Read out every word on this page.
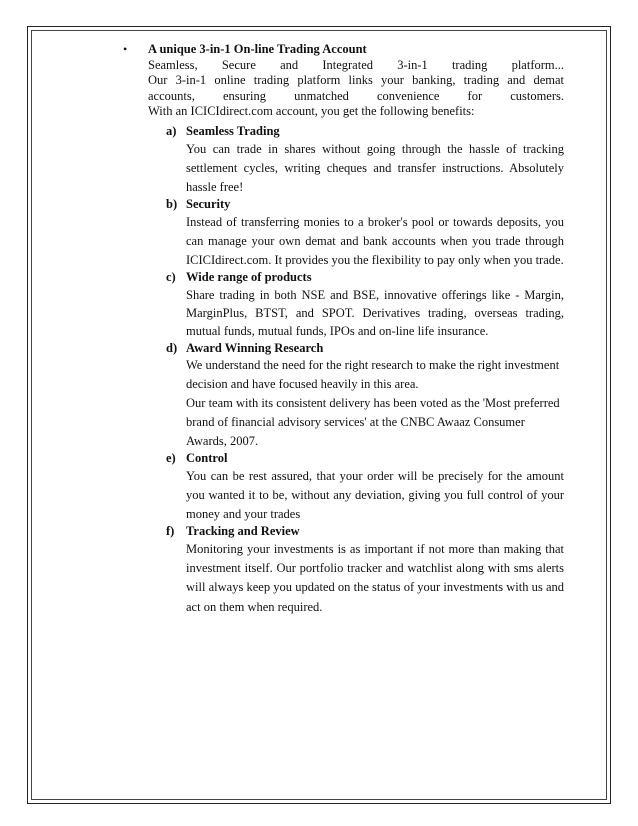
• A unique 3-in-1 On-line Trading Account
Seamless, Secure and Integrated 3-in-1 trading platform...
Our 3-in-1 online trading platform links your banking, trading and demat
accounts, ensuring unmatched convenience for customers.
With an ICICIdirect.com account, you get the following benefits:
a) Seamless Trading
You can trade in shares without going through the hassle of tracking settlement cycles, writing cheques and transfer instructions. Absolutely hassle free!
b) Security
Instead of transferring monies to a broker's pool or towards deposits, you can manage your own demat and bank accounts when you trade through ICICIdirect.com. It provides you the flexibility to pay only when you trade.
c) Wide range of products
Share trading in both NSE and BSE, innovative offerings like - Margin, MarginPlus, BTST, and SPOT. Derivatives trading, overseas trading, mutual funds, mutual funds, IPOs and on-line life insurance.
d) Award Winning Research
We understand the need for the right research to make the right investment decision and have focused heavily in this area.
Our team with its consistent delivery has been voted as the 'Most preferred brand of financial advisory services' at the CNBC Awaaz Consumer Awards, 2007.
e) Control
You can be rest assured, that your order will be precisely for the amount you wanted it to be, without any deviation, giving you full control of your money and your trades
f) Tracking and Review
Monitoring your investments is as important if not more than making that investment itself. Our portfolio tracker and watchlist along with sms alerts will always keep you updated on the status of your investments with us and act on them when required.
